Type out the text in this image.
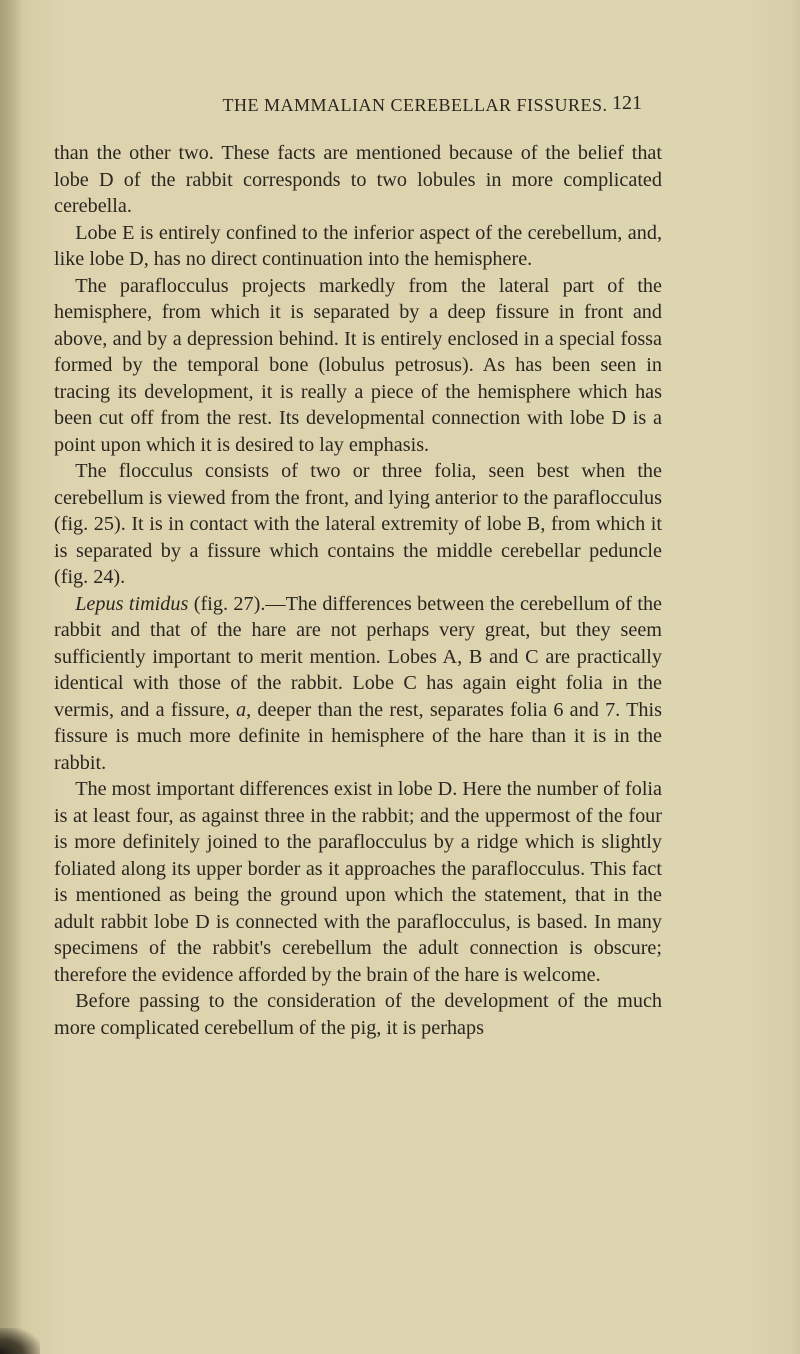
THE MAMMALIAN CEREBELLAR FISSURES. 121

than the other two. These facts are mentioned because of the belief that lobe D of the rabbit corresponds to two lobules in more complicated cerebella.

Lobe E is entirely confined to the inferior aspect of the cerebellum, and, like lobe D, has no direct continuation into the hemisphere.

The paraflocculus projects markedly from the lateral part of the hemisphere, from which it is separated by a deep fissure in front and above, and by a depression behind. It is entirely enclosed in a special fossa formed by the temporal bone (lobulus petrosus). As has been seen in tracing its development, it is really a piece of the hemisphere which has been cut off from the rest. Its developmental connection with lobe D is a point upon which it is desired to lay emphasis.

The flocculus consists of two or three folia, seen best when the cerebellum is viewed from the front, and lying anterior to the paraflocculus (fig. 25). It is in contact with the lateral extremity of lobe B, from which it is separated by a fissure which contains the middle cerebellar peduncle (fig. 24).

Lepus timidus (fig. 27).—The differences between the cerebellum of the rabbit and that of the hare are not perhaps very great, but they seem sufficiently important to merit mention. Lobes A, B and C are practically identical with those of the rabbit. Lobe C has again eight folia in the vermis, and a fissure, a, deeper than the rest, separates folia 6 and 7. This fissure is much more definite in hemisphere of the hare than it is in the rabbit.

The most important differences exist in lobe D. Here the number of folia is at least four, as against three in the rabbit; and the uppermost of the four is more definitely joined to the paraflocculus by a ridge which is slightly foliated along its upper border as it approaches the paraflocculus. This fact is mentioned as being the ground upon which the statement, that in the adult rabbit lobe D is connected with the paraflocculus, is based. In many specimens of the rabbit's cerebellum the adult connection is obscure; therefore the evidence afforded by the brain of the hare is welcome.

Before passing to the consideration of the development of the much more complicated cerebellum of the pig, it is perhaps
